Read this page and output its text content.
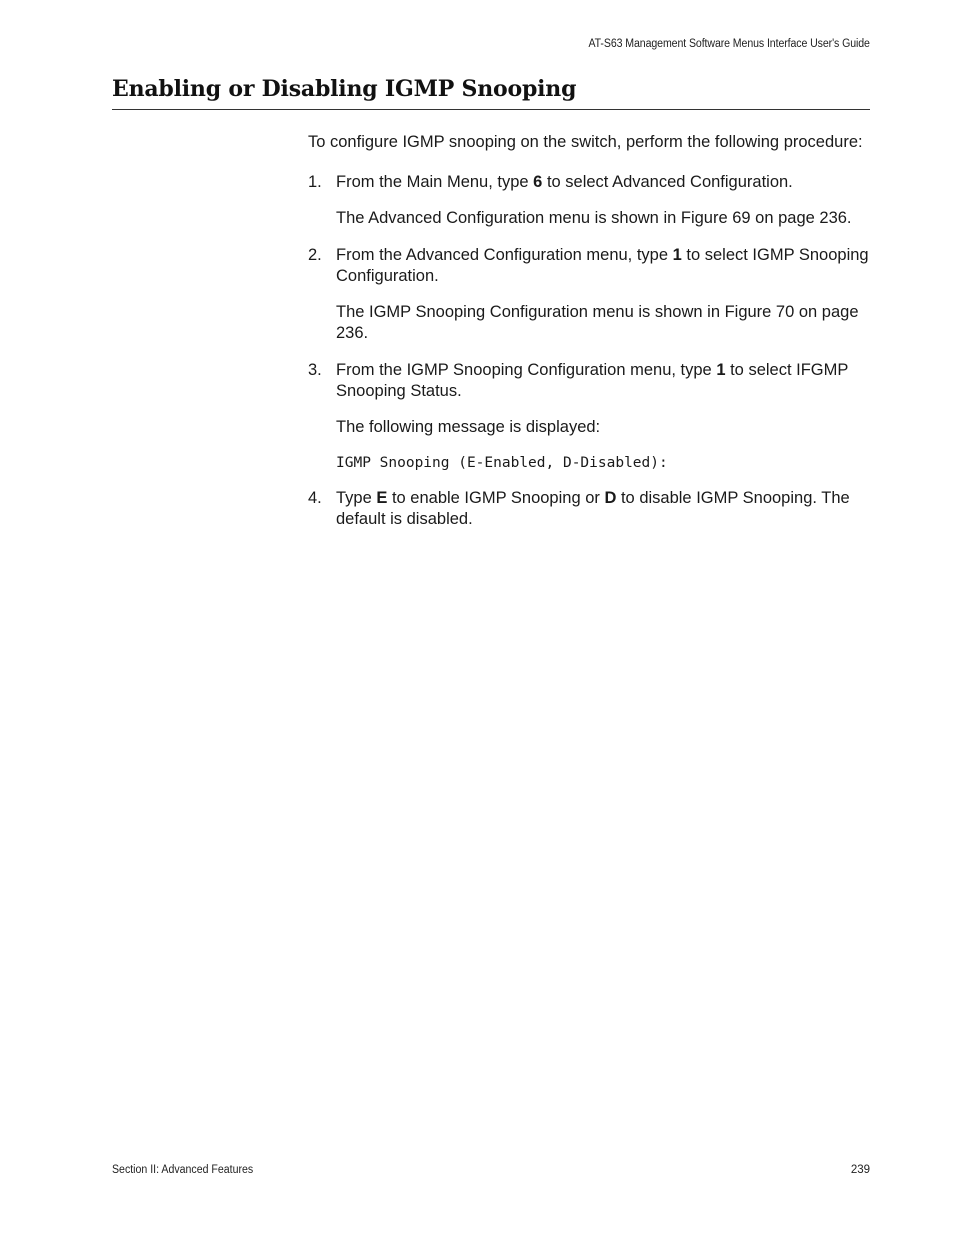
AT-S63 Management Software Menus Interface User's Guide
Enabling or Disabling IGMP Snooping

To configure IGMP snooping on the switch, perform the following procedure:

1. From the Main Menu, type 6 to select Advanced Configuration.

The Advanced Configuration menu is shown in Figure 69 on page 236.

2. From the Advanced Configuration menu, type 1 to select IGMP Snooping Configuration.

The IGMP Snooping Configuration menu is shown in Figure 70 on page 236.

3. From the IGMP Snooping Configuration menu, type 1 to select IFGMP Snooping Status.

The following message is displayed:

IGMP Snooping (E-Enabled, D-Disabled):

4. Type E to enable IGMP Snooping or D to disable IGMP Snooping. The default is disabled.

Section II: Advanced Features	239
